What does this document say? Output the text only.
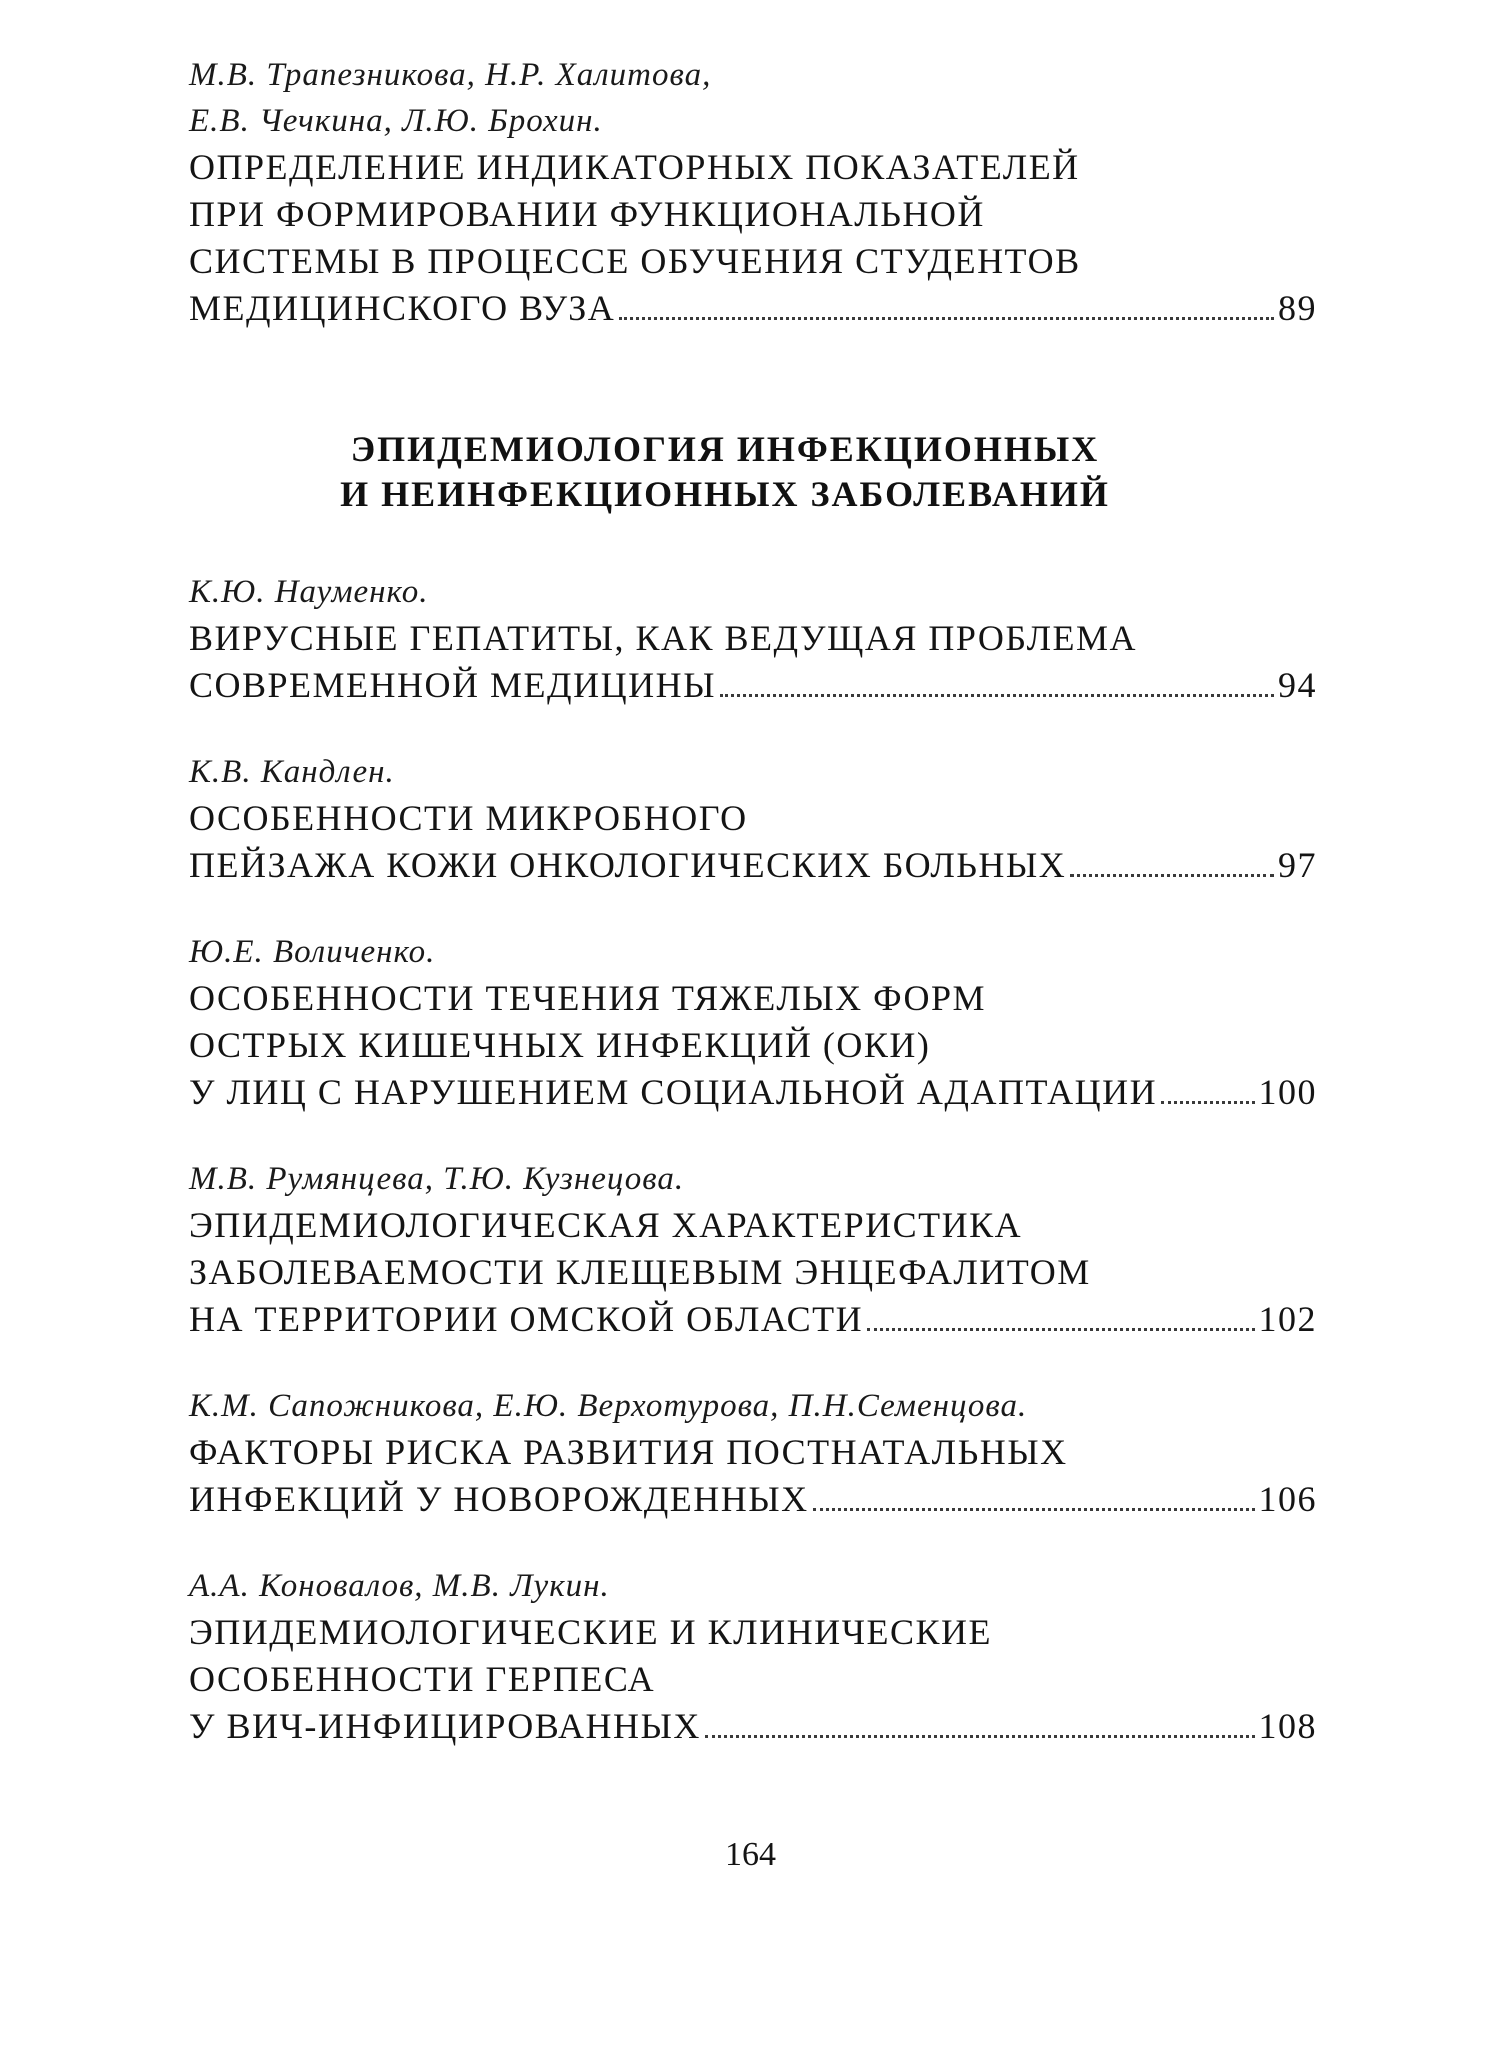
М.В. Трапезникова, Н.Р. Халитова,
Е.В. Чечкина, Л.Ю. Брохин.
ОПРЕДЕЛЕНИЕ ИНДИКАТОРНЫХ ПОКАЗАТЕЛЕЙ
ПРИ ФОРМИРОВАНИИ ФУНКЦИОНАЛЬНОЙ
СИСТЕМЫ В ПРОЦЕССЕ ОБУЧЕНИЯ СТУДЕНТОВ
МЕДИЦИНСКОГО ВУЗА	89
ЭПИДЕМИОЛОГИЯ ИНФЕКЦИОННЫХ
И НЕИНФЕКЦИОННЫХ ЗАБОЛЕВАНИЙ
К.Ю. Науменко.
ВИРУСНЫЕ ГЕПАТИТЫ, КАК ВЕДУЩАЯ ПРОБЛЕМА
СОВРЕМЕННОЙ МЕДИЦИНЫ	94
К.В. Кандлен.
ОСОБЕННОСТИ МИКРОБНОГО
ПЕЙЗАЖА КОЖИ ОНКОЛОГИЧЕСКИХ БОЛЬНЫХ	97
Ю.Е. Воличенко.
ОСОБЕННОСТИ ТЕЧЕНИЯ ТЯЖЕЛЫХ ФОРМ
ОСТРЫХ КИШЕЧНЫХ ИНФЕКЦИЙ (ОКИ)
У ЛИЦ С НАРУШЕНИЕМ СОЦИАЛЬНОЙ АДАПТАЦИИ	100
М.В. Румянцева, Т.Ю. Кузнецова.
ЭПИДЕМИОЛОГИЧЕСКАЯ ХАРАКТЕРИСТИКА
ЗАБОЛЕВАЕМОСТИ КЛЕЩЕВЫМ ЭНЦЕФАЛИТОМ
НА ТЕРРИТОРИИ ОМСКОЙ ОБЛАСТИ	102
К.М. Сапожникова, Е.Ю. Верхотурова, П.Н.Семенцова.
ФАКТОРЫ РИСКА РАЗВИТИЯ ПОСТНАТАЛЬНЫХ
ИНФЕКЦИЙ У НОВОРОЖДЕННЫХ	106
А.А. Коновалов, М.В. Лукин.
ЭПИДЕМИОЛОГИЧЕСКИЕ И КЛИНИЧЕСКИЕ
ОСОБЕННОСТИ ГЕРПЕСА
У ВИЧ-ИНФИЦИРОВАННЫХ	108
164
